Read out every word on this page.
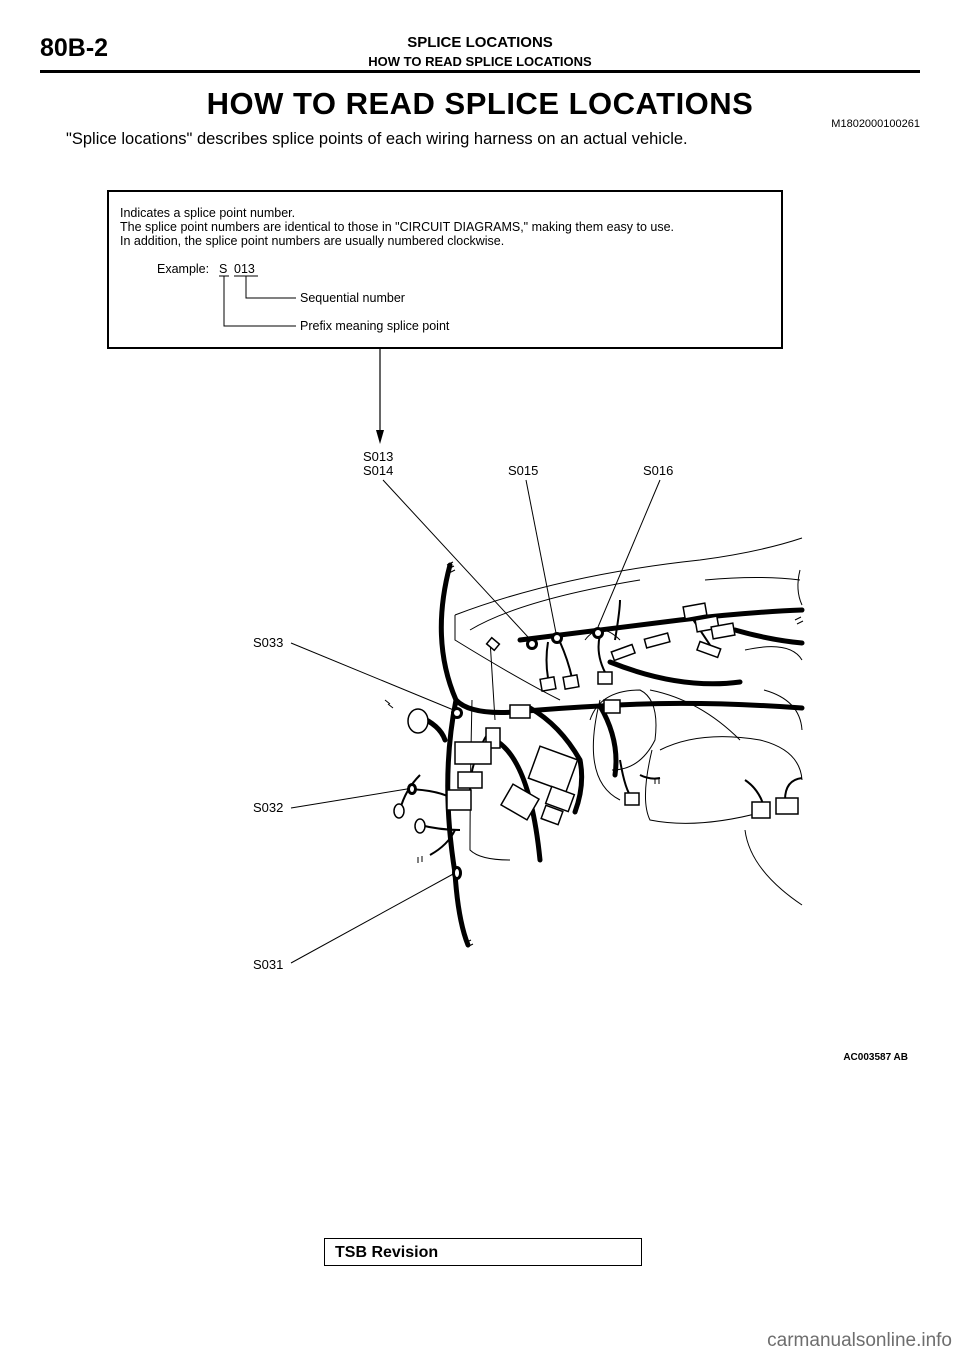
80B-2	SPLICE LOCATIONS
HOW TO READ SPLICE LOCATIONS
HOW TO READ SPLICE LOCATIONS
M1802000100261
"Splice locations" describes splice points of each wiring harness on an actual vehicle.
Indicates a splice point number.
The splice point numbers are identical to those in "CIRCUIT DIAGRAMS," making them easy to use.
In addition, the splice point numbers are usually numbered clockwise.
Example: S 013
Sequential number
Prefix meaning splice point
S013
S014	S015	S016
S033
S032
S031
AC003587 AB
TSB Revision
carmanualsonline.info
